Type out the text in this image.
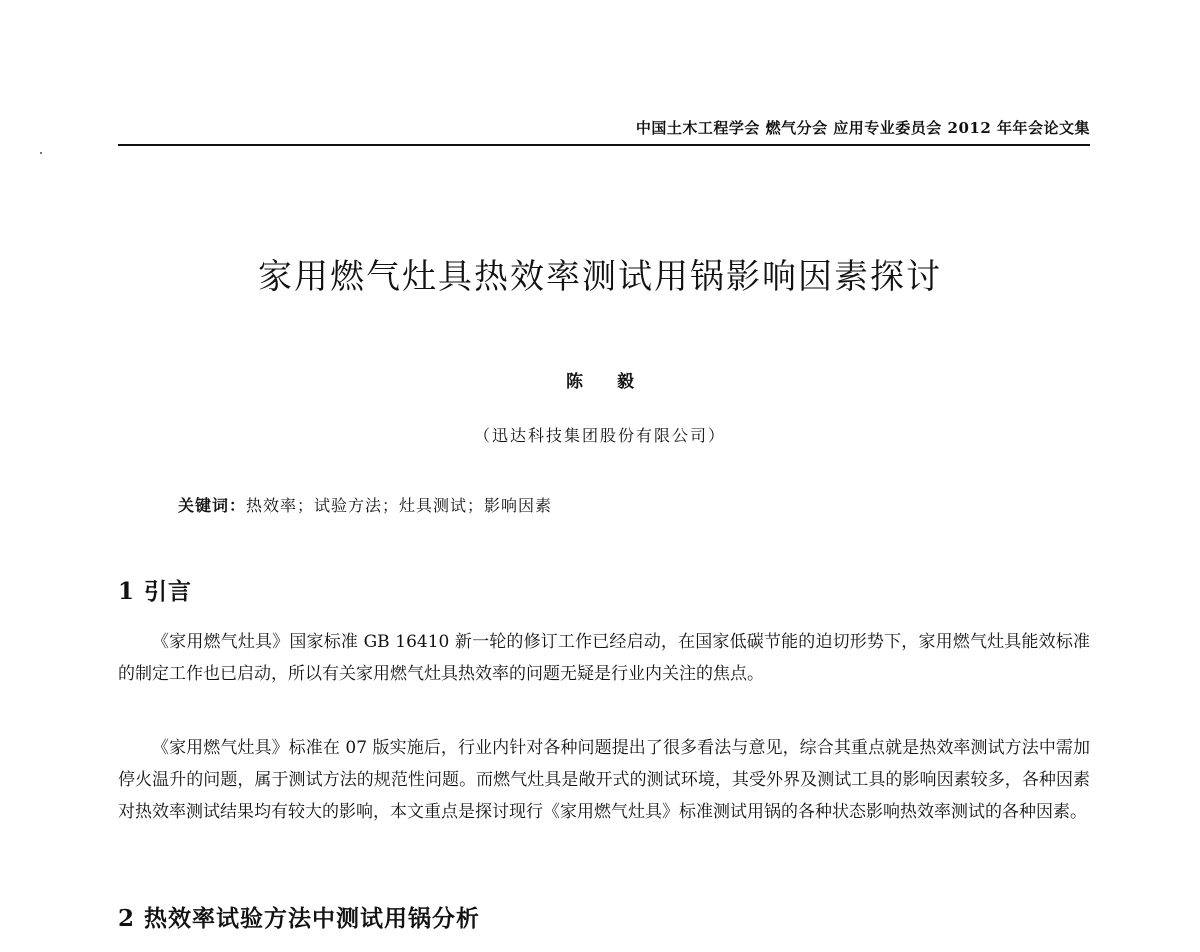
中国土木工程学会 燃气分会 应用专业委员会 2012 年年会论文集
家用燃气灶具热效率测试用锅影响因素探讨
陈 毅
（迅达科技集团股份有限公司）
关键词：热效率；试验方法；灶具测试；影响因素
1 引言

《家用燃气灶具》国家标准 GB 16410 新一轮的修订工作已经启动，在国家低碳节能的迫切形势下，家用燃气灶具能效标准的制定工作也已启动，所以有关家用燃气灶具热效率的问题无疑是行业内关注的焦点。

《家用燃气灶具》标准在 07 版实施后，行业内针对各种问题提出了很多看法与意见，综合其重点就是热效率测试方法中需加停火温升的问题，属于测试方法的规范性问题。而燃气灶具是敞开式的测试环境，其受外界及测试工具的影响因素较多，各种因素对热效率测试结果均有较大的影响，本文重点是探讨现行《家用燃气灶具》标准测试用锅的各种状态影响热效率测试的各种因素。

2 热效率试验方法中测试用锅分析
